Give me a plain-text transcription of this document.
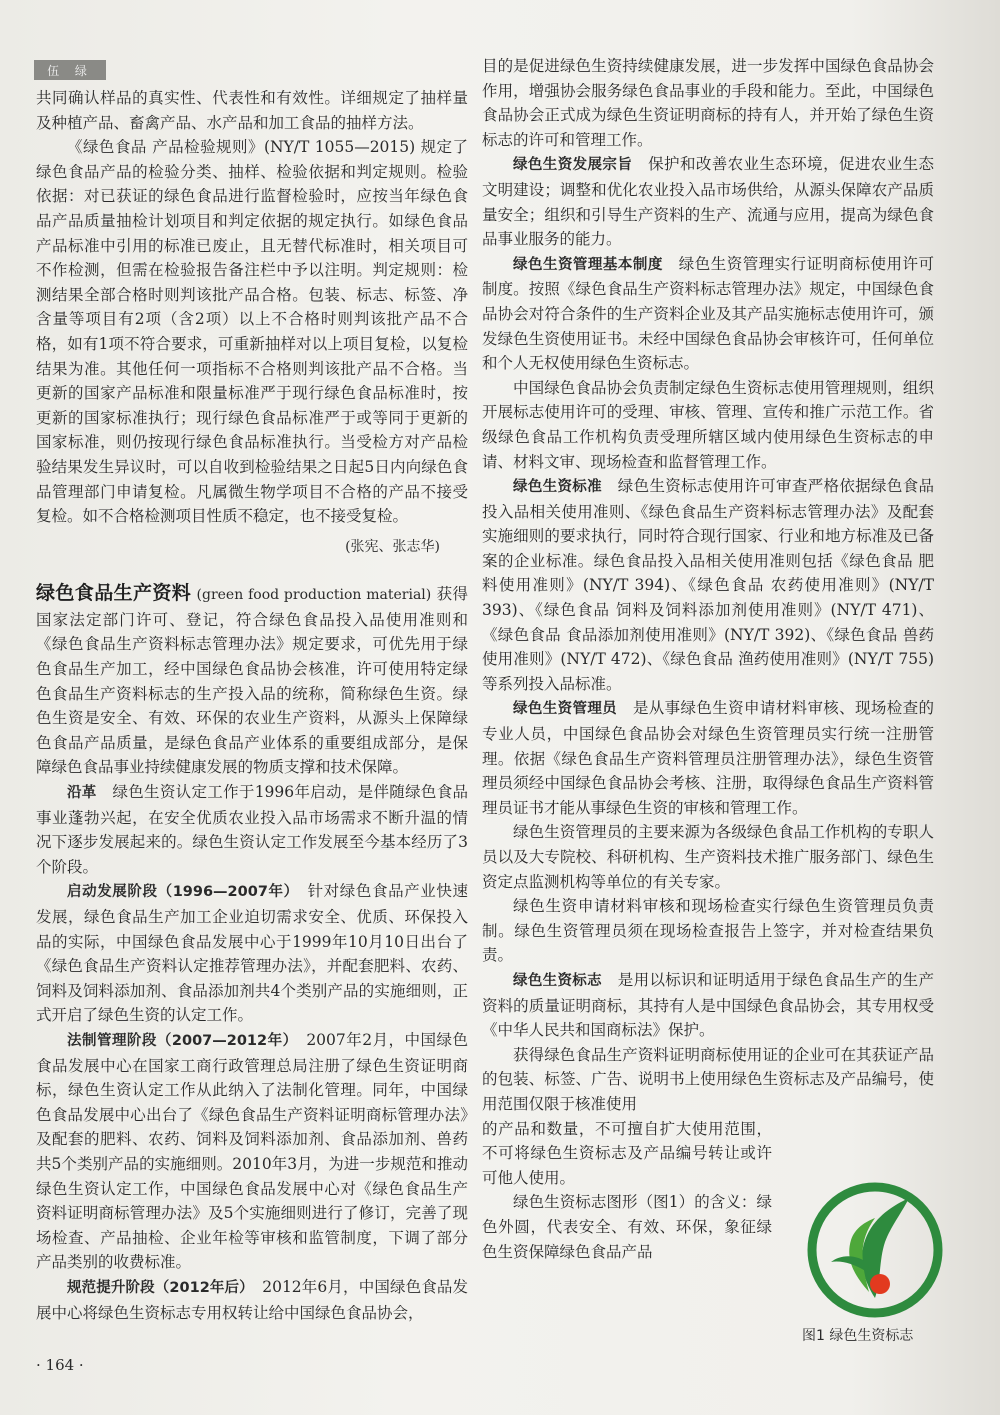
伍 绿

共同确认样品的真实性、代表性和有效性。详细规定了抽样量及种植产品、畜禽产品、水产品和加工食品的抽样方法。

《绿色食品 产品检验规则》(NY/T 1055—2015) 规定了绿色食品产品的检验分类、抽样、检验依据和判定规则。检验依据：对已获证的绿色食品进行监督检验时，应按当年绿色食品产品质量抽检计划项目和判定依据的规定执行。如绿色食品产品标准中引用的标准已废止，且无替代标准时，相关项目可不作检测，但需在检验报告备注栏中予以注明。判定规则：检测结果全部合格时则判该批产品合格。包装、标志、标签、净含量等项目有2项（含2项）以上不合格时则判该批产品不合格，如有1项不符合要求，可重新抽样对以上项目复检，以复检结果为准。其他任何一项指标不合格则判该批产品不合格。当更新的国家产品标准和限量标准严于现行绿色食品标准时，按更新的国家标准执行；现行绿色食品标准严于或等同于更新的国家标准，则仍按现行绿色食品标准执行。当受检方对产品检验结果发生异议时，可以自收到检验结果之日起5日内向绿色食品管理部门申请复检。凡属微生物学项目不合格的产品不接受复检。如不合格检测项目性质不稳定，也不接受复检。

(张宪、张志华)

绿色食品生产资料 (green food production material) 获得国家法定部门许可、登记，符合绿色食品投入品使用准则和《绿色食品生产资料标志管理办法》规定要求，可优先用于绿色食品生产加工，经中国绿色食品协会核准，许可使用特定绿色食品生产资料标志的生产投入品的统称，简称绿色生资。绿色生资是安全、有效、环保的农业生产资料，从源头上保障绿色食品产品质量，是绿色食品产业体系的重要组成部分，是保障绿色食品事业持续健康发展的物质支撑和技术保障。

沿革　 绿色生资认定工作于1996年启动，是伴随绿色食品事业蓬勃兴起，在安全优质农业投入品市场需求不断升温的情况下逐步发展起来的。绿色生资认定工作发展至今基本经历了3个阶段。

启动发展阶段（1996—2007年）　 针对绿色食品产业快速发展，绿色食品生产加工企业迫切需求安全、优质、环保投入品的实际，中国绿色食品发展中心于1999年10月10日出台了《绿色食品生产资料认定推荐管理办法》，并配套肥料、农药、饲料及饲料添加剂、食品添加剂共4个类别产品的实施细则，正式开启了绿色生资的认定工作。

法制管理阶段（2007—2012年）　 2007年2月，中国绿色食品发展中心在国家工商行政管理总局注册了绿色生资证明商标，绿色生资认定工作从此纳入了法制化管理。同年，中国绿色食品发展中心出台了《绿色食品生产资料证明商标管理办法》及配套的肥料、农药、饲料及饲料添加剂、食品添加剂、兽药共5个类别产品的实施细则。2010年3月，为进一步规范和推动绿色生资认定工作，中国绿色食品发展中心对《绿色食品生产资料证明商标管理办法》及5个实施细则进行了修订，完善了现场检查、产品抽检、企业年检等审核和监管制度，下调了部分产品类别的收费标准。

规范提升阶段（2012年后）　 2012年6月，中国绿色食品发展中心将绿色生资标志专用权转让给中国绿色食品协会，

目的是促进绿色生资持续健康发展，进一步发挥中国绿色食品协会作用，增强协会服务绿色食品事业的手段和能力。至此，中国绿色食品协会正式成为绿色生资证明商标的持有人，并开始了绿色生资标志的许可和管理工作。

绿色生资发展宗旨　 保护和改善农业生态环境，促进农业生态文明建设；调整和优化农业投入品市场供给，从源头保障农产品质量安全；组织和引导生产资料的生产、流通与应用，提高为绿色食品事业服务的能力。

绿色生资管理基本制度　 绿色生资管理实行证明商标使用许可制度。按照《绿色食品生产资料标志管理办法》规定，中国绿色食品协会对符合条件的生产资料企业及其产品实施标志使用许可，颁发绿色生资使用证书。未经中国绿色食品协会审核许可，任何单位和个人无权使用绿色生资标志。

中国绿色食品协会负责制定绿色生资标志使用管理规则，组织开展标志使用许可的受理、审核、管理、宣传和推广示范工作。省级绿色食品工作机构负责受理所辖区域内使用绿色生资标志的申请、材料文审、现场检查和监督管理工作。

绿色生资标准　 绿色生资标志使用许可审查严格依据绿色食品投入品相关使用准则、《绿色食品生产资料标志管理办法》及配套实施细则的要求执行，同时符合现行国家、行业和地方标准及已备案的企业标准。绿色食品投入品相关使用准则包括《绿色食品 肥料使用准则》(NY/T 394)、《绿色食品 农药使用准则》(NY/T 393)、《绿色食品 饲料及饲料添加剂使用准则》(NY/T 471)、《绿色食品 食品添加剂使用准则》(NY/T 392)、《绿色食品 兽药使用准则》(NY/T 472)、《绿色食品 渔药使用准则》(NY/T 755) 等系列投入品标准。

绿色生资管理员　 是从事绿色生资申请材料审核、现场检查的专业人员，中国绿色食品协会对绿色生资管理员实行统一注册管理。依据《绿色食品生产资料管理员注册管理办法》，绿色生资管理员须经中国绿色食品协会考核、注册，取得绿色食品生产资料管理员证书才能从事绿色生资的审核和管理工作。

绿色生资管理员的主要来源为各级绿色食品工作机构的专职人员以及大专院校、科研机构、生产资料技术推广服务部门、绿色生资定点监测机构等单位的有关专家。

绿色生资申请材料审核和现场检查实行绿色生资管理员负责制。绿色生资管理员须在现场检查报告上签字，并对检查结果负责。

绿色生资标志　 是用以标识和证明适用于绿色食品生产的生产资料的质量证明商标，其持有人是中国绿色食品协会，其专用权受《中华人民共和国商标法》保护。

获得绿色食品生产资料证明商标使用证的企业可在其获证产品的包装、标签、广告、说明书上使用绿色生资标志及产品编号，使用范围仅限于核准使用

的产品和数量，不可擅自扩大使用范围，不可将绿色生资标志及产品编号转让或许可他人使用。

绿色生资标志图形（图1）的含义：绿色外圆，代表安全、有效、环保，象征绿色生资保障绿色食品产品

图1 绿色生资标志
· 164 ·
